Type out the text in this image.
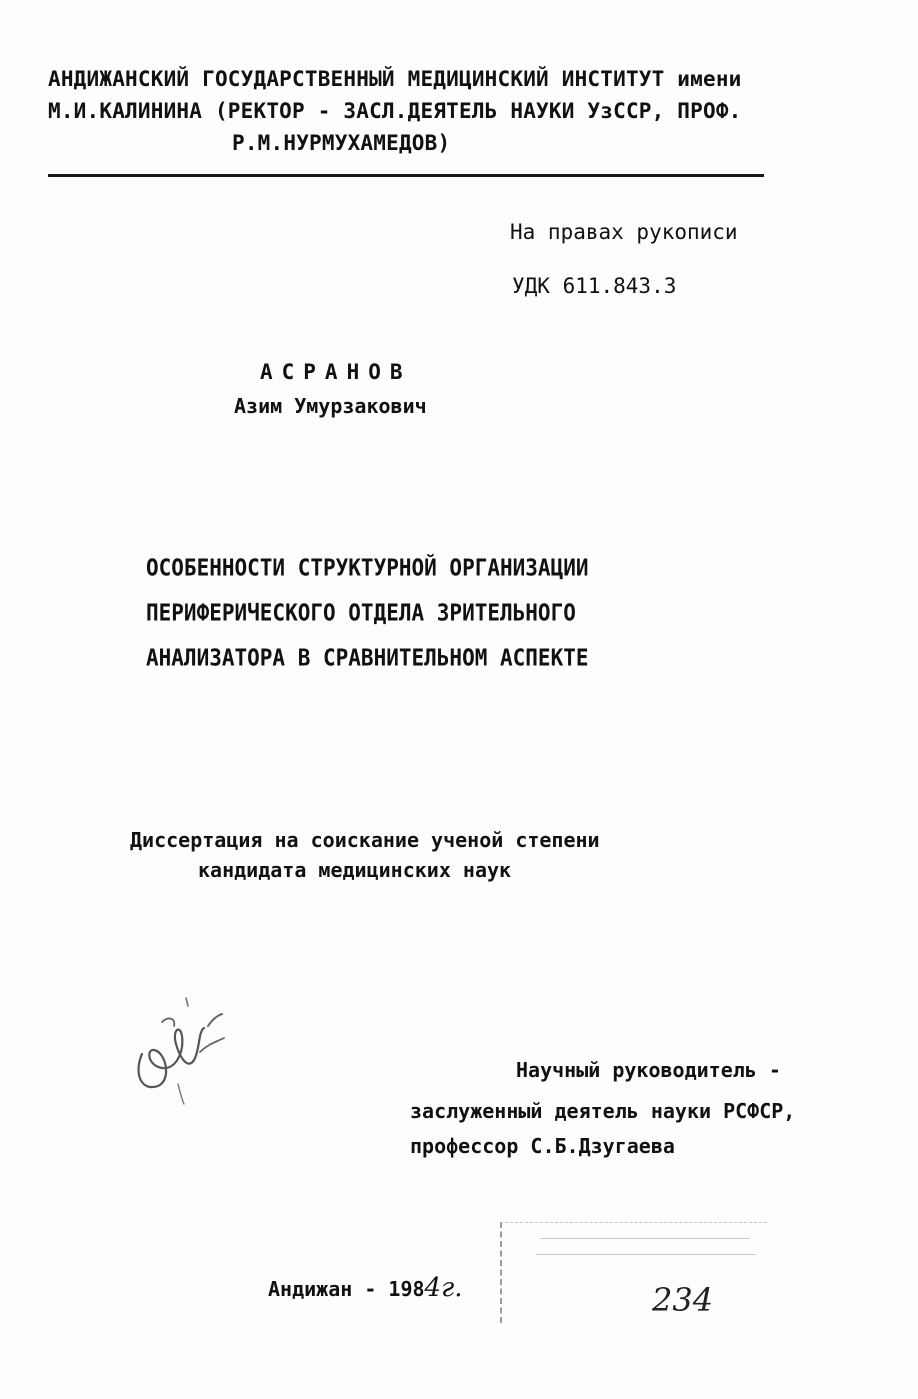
АНДИЖАНСКИЙ ГОСУДАРСТВЕННЫЙ МЕДИЦИНСКИЙ ИНСТИТУТ имени
М.И.КАЛИНИНА (РЕКТОР - ЗАСЛ.ДЕЯТЕЛЬ НАУКИ УзССР, ПРОФ.
Р.М.НУРМУХАМЕДОВ)
На правах рукописи
УДК 611.843.3
АСРАНОВ
Азим Умурзакович
ОСОБЕННОСТИ СТРУКТУРНОЙ ОРГАНИЗАЦИИ
ПЕРИФЕРИЧЕСКОГО ОТДЕЛА ЗРИТЕЛЬНОГО
АНАЛИЗАТОРА В СРАВНИТЕЛЬНОМ АСПЕКТЕ
Диссертация на соискание ученой степени
кандидата медицинских наук
Научный руководитель -
заслуженный деятель науки РСФСР,
профессор С.Б.Дзугаева
234
Андижан - 1984г.
